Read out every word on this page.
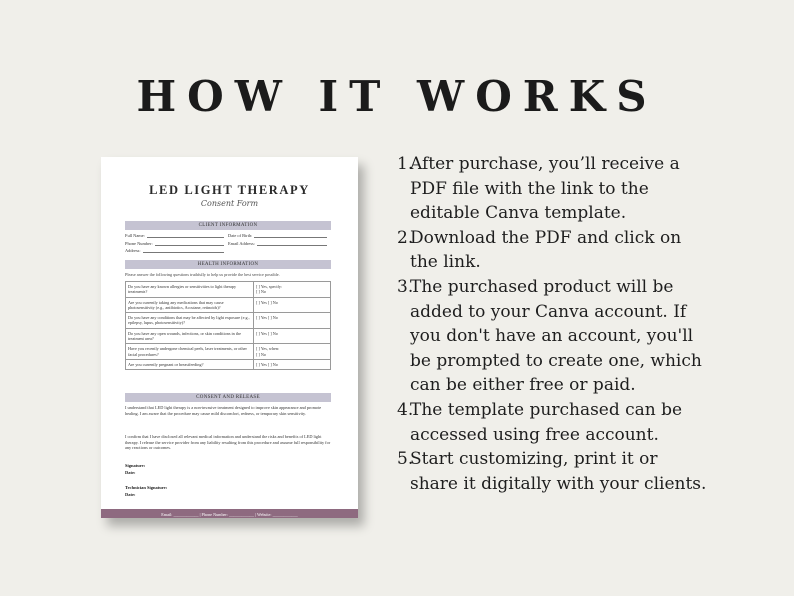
HOW IT WORKS
LED LIGHT THERAPY
Consent Form
CLIENT INFORMATION
Full Name:	Date of Birth:
Phone Number:	Email Address:
Address:
HEALTH INFORMATION
Please answer the following questions truthfully to help us provide the best service possible.
Do you have any known allergies or sensitivities to light therapy treatments?	[ ] Yes, specify:
[ ] No
Are you currently taking any medications that may cause photosensitivity (e.g., antibiotics, Accutane, retinoids)?	[ ] Yes [ ] No
Do you have any conditions that may be affected by light exposure (e.g., epilepsy, lupus, photosensitivity)?	[ ] Yes [ ] No
Do you have any open wounds, infections, or skin conditions in the treatment area?	[ ] Yes [ ] No
Have you recently undergone chemical peels, laser treatments, or other facial procedures?	[ ] Yes, when:
[ ] No
Are you currently pregnant or breastfeeding?	[ ] Yes [ ] No
CONSENT AND RELEASE
I understand that LED light therapy is a non-invasive treatment designed to improve skin appearance and promote healing. I am aware that the procedure may cause mild discomfort, redness, or temporary skin sensitivity.
I confirm that I have disclosed all relevant medical information and understand the risks and benefits of LED light therapy. I release the service provider from any liability resulting from this procedure and assume full responsibility for any reactions or outcomes.
Signature:
Date:
Technician Signature:
Date:
Email: ____________ | Phone Number: ____________ | Website: ____________
1.
After purchase, you’ll receive a
PDF file with the link to the
editable Canva template.
2.
Download the PDF and click on
the link.
3.
The purchased product will be
added to your Canva account. If
you don't have an account, you'll
be prompted to create one, which
can be either free or paid.
4.
The template purchased can be
accessed using free account.
5.
Start customizing, print it or
share it digitally with your clients.
